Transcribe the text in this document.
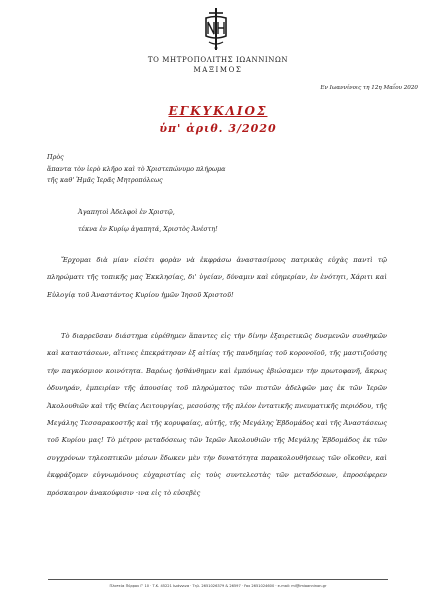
ΤΟ ΜΗΤΡΟΠΟΛΙΤΗΣ ΙΩΑΝΝΙΝΩΝ
ΜΑΞΙΜΟΣ
Εν Ιωαννίνοις τη 12η Μαΐου 2020
ΕΓΚΥΚΛΙΟΣ
ὑπ' ἀριθ. 3/2020
Πρὸς
ἅπαντα τὸν ἱερὸ κλῆρο καὶ τὸ Χριστεπώνυμο πλήρωμα
τῆς καθ' Ἡμᾶς Ἱερᾶς Μητροπόλεως
Ἀγαπητοὶ Ἀδελφοὶ ἐν Χριστῷ,
τέκνα ἐν Κυρίῳ ἀγαπητά, Χριστὸς Ἀνέστη!
Ἔρχομαι διὰ μίαν εἰσέτι φορὰν νὰ ἐκφράσω ἀναστασίμους πατρικὰς εὐχὰς παντὶ τῷ πληρώματι τῆς τοπικῆς μας Ἐκκλησίας, δι' ὑγείαν, δύναμιν καὶ εὐημερίαν, ἐν ἑνότητι, Χάριτι καὶ Εὐλογίᾳ τοῦ Ἀναστάντος Κυρίου ἡμῶν Ἰησοῦ Χριστοῦ!
Τὸ διαρρεῦσαν διάστημα εὑρέθημεν ἅπαντες εἰς τὴν δίνην ἐξαιρετικῶς δυσμενῶν συνθηκῶν καὶ καταστάσεων, αἵτινες ἐπεκράτησαν ἐξ αἰτίας τῆς πανδημίας τοῦ κορονοϊοῦ, τῆς μαστιζούσης τὴν παγκόσμιον κοινότητα. Βαρέως ἠσθάνθημεν καὶ ἐμπόνως ἐβιώσαμεν τὴν πρωτοφανῆ, ἄκρως ὀδυνηράν, ἐμπειρίαν τῆς ἀπουσίας τοῦ πληρώματος τῶν πιστῶν ἀδελφῶν μας ἐκ τῶν Ἱερῶν Ἀκολουθιῶν καὶ τῆς Θείας Λειτουργίας, μεσούσης τῆς πλέον ἐντατικῆς πνευματικῆς περιόδου, τῆς Μεγάλης Τεσσαρακοστῆς καὶ τῆς κορυφαίας, αὐτῆς, τῆς Μεγάλης Ἑβδομάδος καὶ τῆς Ἀναστάσεως τοῦ Κυρίου μας! Τὸ μέτρον μεταδόσεως τῶν Ἱερῶν Ἀκολουθιῶν τῆς Μεγάλης Ἑβδομάδος ἐκ τῶν συγχρόνων τηλεοπτικῶν μέσων ἔδωκεν μὲν τὴν δυνατότητα παρακολουθήσεως τῶν οἴκοθεν, καὶ ἐκφράζομεν εὐγνωμόνους εὐχαριστίας εἰς τοὺς συντελεστὰς τῶν μεταδόσεων, ἐπροσέφερεν πρόσκαιρον ἀνακούφισιν ·ινα εἰς τὸ εὐσεβὲς
Πλατεία Πύρρου Γ' 10 · Τ.Κ. 45221 Ιωάννινα · Τηλ. 2651026379 & 26597 · Fax 2651024600 · e-mail: mi@imioanninon.gr
